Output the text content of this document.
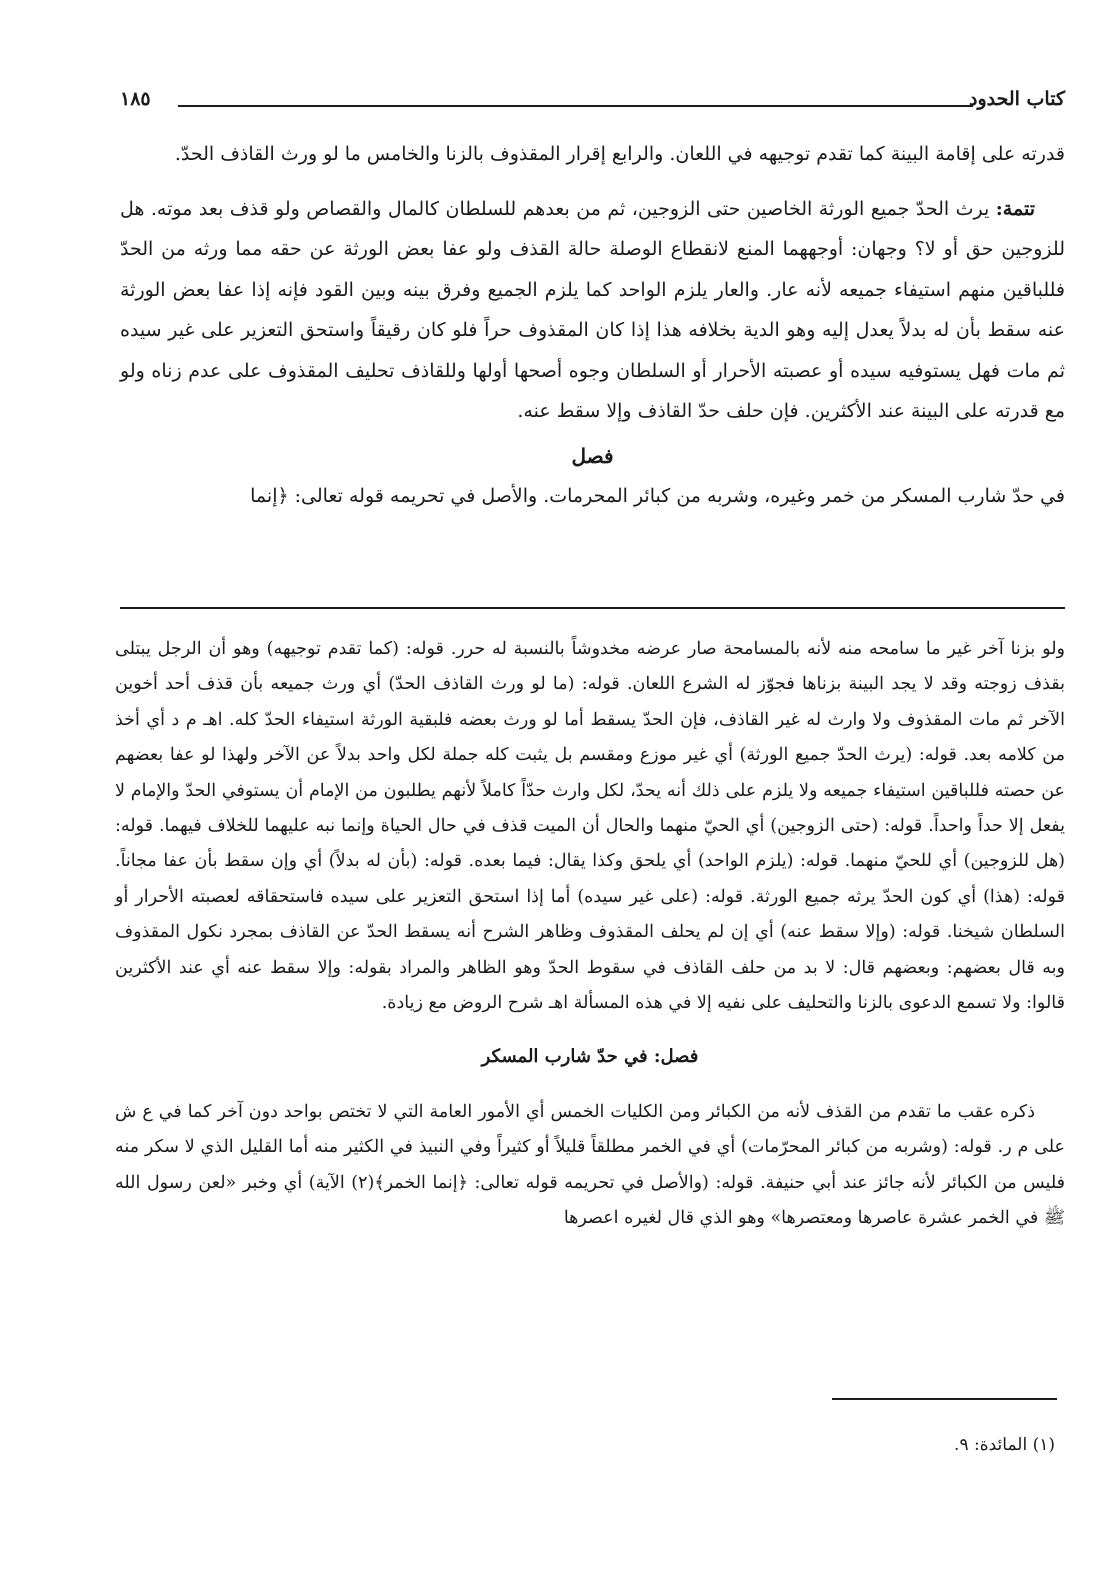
كتاب الحدود
١٨٥

قدرته على إقامة البينة كما تقدم توجيهه في اللعان. والرابع إقرار المقذوف بالزنا والخامس ما لو ورث القاذف الحدّ.

تتمة: يرث الحدّ جميع الورثة الخاصين حتى الزوجين، ثم من بعدهم للسلطان كالمال والقصاص ولو قذف بعد موته. هل للزوجين حق أو لا؟ وجهان: أوجههما المنع لانقطاع الوصلة حالة القذف ولو عفا بعض الورثة عن حقه مما ورثه من الحدّ فللباقين منهم استيفاء جميعه لأنه عار. والعار يلزم الواحد كما يلزم الجميع وفرق بينه وبين القود فإنه إذا عفا بعض الورثة عنه سقط بأن له بدلاً يعدل إليه وهو الدية بخلافه هذا إذا كان المقذوف حراً فلو كان رقيقاً واستحق التعزير على غير سيده ثم مات فهل يستوفيه سيده أو عصبته الأحرار أو السلطان وجوه أصحها أولها وللقاذف تحليف المقذوف على عدم زناه ولو مع قدرته على البينة عند الأكثرين. فإن حلف حدّ القاذف وإلا سقط عنه.

فصل

في حدّ شارب المسكر من خمر وغيره، وشربه من كبائر المحرمات. والأصل في تحريمه قوله تعالى: ﴿إنما

ولو بزنا آخر غير ما سامحه منه لأنه بالمسامحة صار عرضه مخدوشاً بالنسبة له حرر. قوله: (كما تقدم توجيهه) وهو أن الرجل يبتلى بقذف زوجته وقد لا يجد البينة بزناها فجوّز له الشرع اللعان. قوله: (ما لو ورث القاذف الحدّ) أي ورث جميعه بأن قذف أحد أخوين الآخر ثم مات المقذوف ولا وارث له غير القاذف، فإن الحدّ يسقط أما لو ورث بعضه فلبقية الورثة استيفاء الحدّ كله. اهـ م د أي أخذ من كلامه بعد. قوله: (يرث الحدّ جميع الورثة) أي غير موزع ومقسم بل يثبت كله جملة لكل واحد بدلاً عن الآخر ولهذا لو عفا بعضهم عن حصته فللباقين استيفاء جميعه ولا يلزم على ذلك أنه يحدّ، لكل وارث حدّاً كاملاً لأنهم يطلبون من الإمام أن يستوفي الحدّ والإمام لا يفعل إلا حداً واحداً. قوله: (حتى الزوجين) أي الحيّ منهما والحال أن الميت قذف في حال الحياة وإنما نبه عليهما للخلاف فيهما. قوله: (هل للزوجين) أي للحيّ منهما. قوله: (يلزم الواحد) أي يلحق وكذا يقال: فيما بعده. قوله: (بأن له بدلاً) أي وإن سقط بأن عفا مجاناً. قوله: (هذا) أي كون الحدّ يرثه جميع الورثة. قوله: (على غير سيده) أما إذا استحق التعزير على سيده فاستحقاقه لعصبته الأحرار أو السلطان شيخنا. قوله: (وإلا سقط عنه) أي إن لم يحلف المقذوف وظاهر الشرح أنه يسقط الحدّ عن القاذف بمجرد نكول المقذوف وبه قال بعضهم: وبعضهم قال: لا بد من حلف القاذف في سقوط الحدّ وهو الظاهر والمراد بقوله: وإلا سقط عنه أي عند الأكثرين قالوا: ولا تسمع الدعوى بالزنا والتحليف على نفيه إلا في هذه المسألة اهـ شرح الروض مع زيادة.

فصل: في حدّ شارب المسكر

ذكره عقب ما تقدم من القذف لأنه من الكبائر ومن الكليات الخمس أي الأمور العامة التي لا تختص بواحد دون آخر كما في ع ش على م ر. قوله: (وشربه من كبائر المحرّمات) أي في الخمر مطلقاً قليلاً أو كثيراً وفي النبيذ في الكثير منه أما القليل الذي لا سكر منه فليس من الكبائر لأنه جائز عند أبي حنيفة. قوله: (والأصل في تحريمه قوله تعالى: ﴿إنما الخمر﴾(٢) الآية) أي وخبر «لعن رسول الله ﷺ في الخمر عشرة عاصرها ومعتصرها» وهو الذي قال لغيره اعصرها

(١) المائدة: ٩.
